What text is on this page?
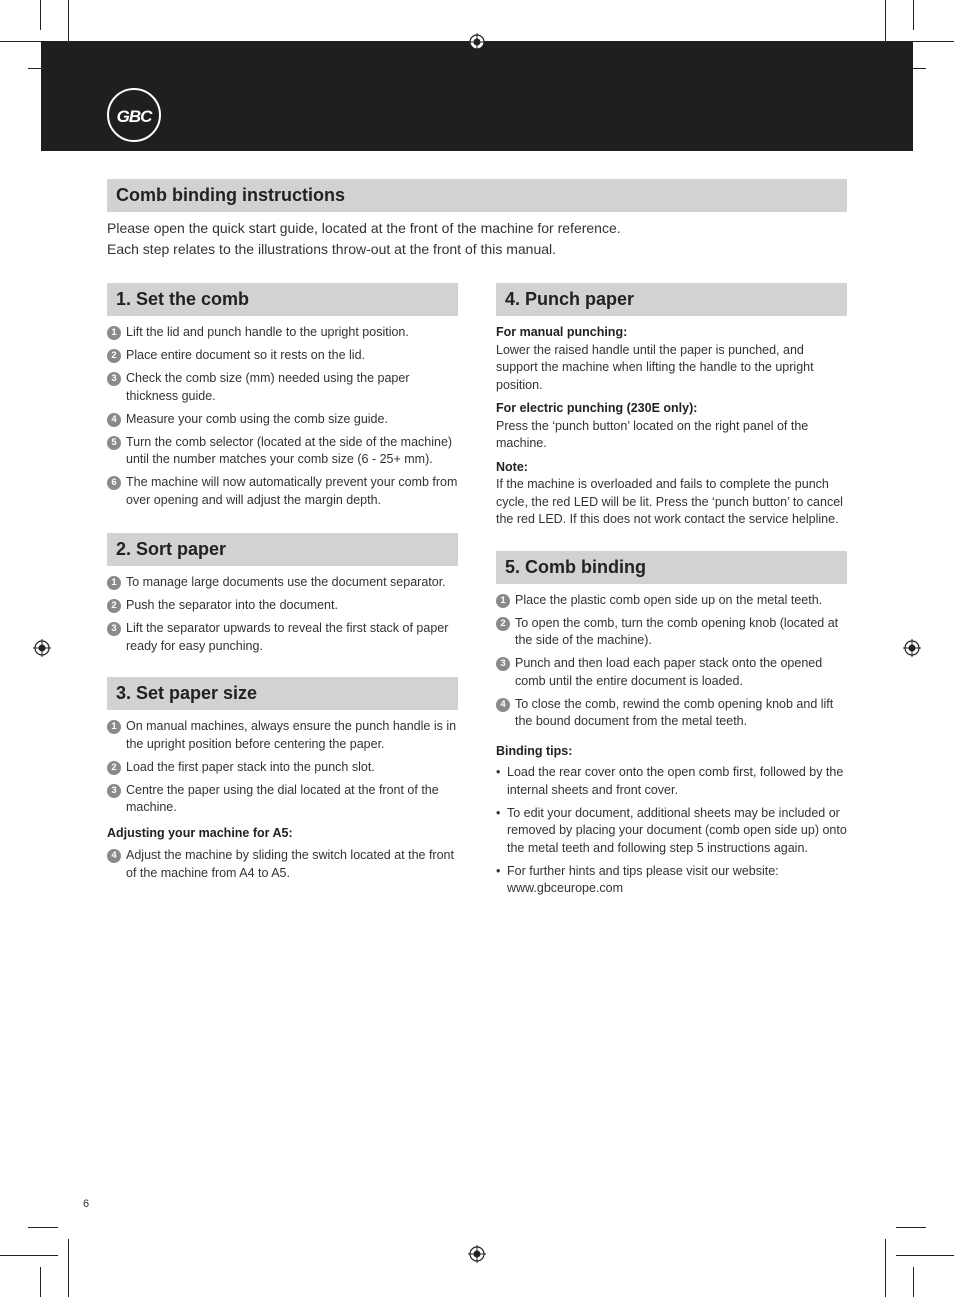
GBC
Comb binding instructions
Please open the quick start guide, located at the front of the machine for reference.
Each step relates to the illustrations throw-out at the front of this manual.
1. Set the comb
1 Lift the lid and punch handle to the upright position.
2 Place entire document so it rests on the lid.
3 Check the comb size (mm) needed using the paper thickness guide.
4 Measure your comb using the comb size guide.
5 Turn the comb selector (located at the side of the machine) until the number matches your comb size (6 - 25+ mm).
6 The machine will now automatically prevent your comb from over opening and will adjust the margin depth.
2. Sort paper
1 To manage large documents use the document separator.
2 Push the separator into the document.
3 Lift the separator upwards to reveal the first stack of paper ready for easy punching.
3. Set paper size
1 On manual machines, always ensure the punch handle is in the upright position before centering the paper.
2 Load the first paper stack into the punch slot.
3 Centre the paper using the dial located at the front of the machine.
Adjusting your machine for A5:
4 Adjust the machine by sliding the switch located at the front of the machine from A4 to A5.
4. Punch paper
For manual punching:
Lower the raised handle until the paper is punched, and support the machine when lifting the handle to the upright position.
For electric punching (230E only):
Press the ‘punch button’ located on the right panel of the machine.
Note:
If the machine is overloaded and fails to complete the punch cycle, the red LED will be lit. Press the ‘punch button’ to cancel the red LED. If this does not work contact the service helpline.
5. Comb binding
1 Place the plastic comb open side up on the metal teeth.
2 To open the comb, turn the comb opening knob (located at the side of the machine).
3 Punch and then load each paper stack onto the opened comb until the entire document is loaded.
4 To close the comb, rewind the comb opening knob and lift the bound document from the metal teeth.
Binding tips:
• Load the rear cover onto the open comb first, followed by the internal sheets and front cover.
• To edit your document, additional sheets may be included or removed by placing your document (comb open side up) onto the metal teeth and following step 5 instructions again.
• For further hints and tips please visit our website: www.gbceurope.com
6
